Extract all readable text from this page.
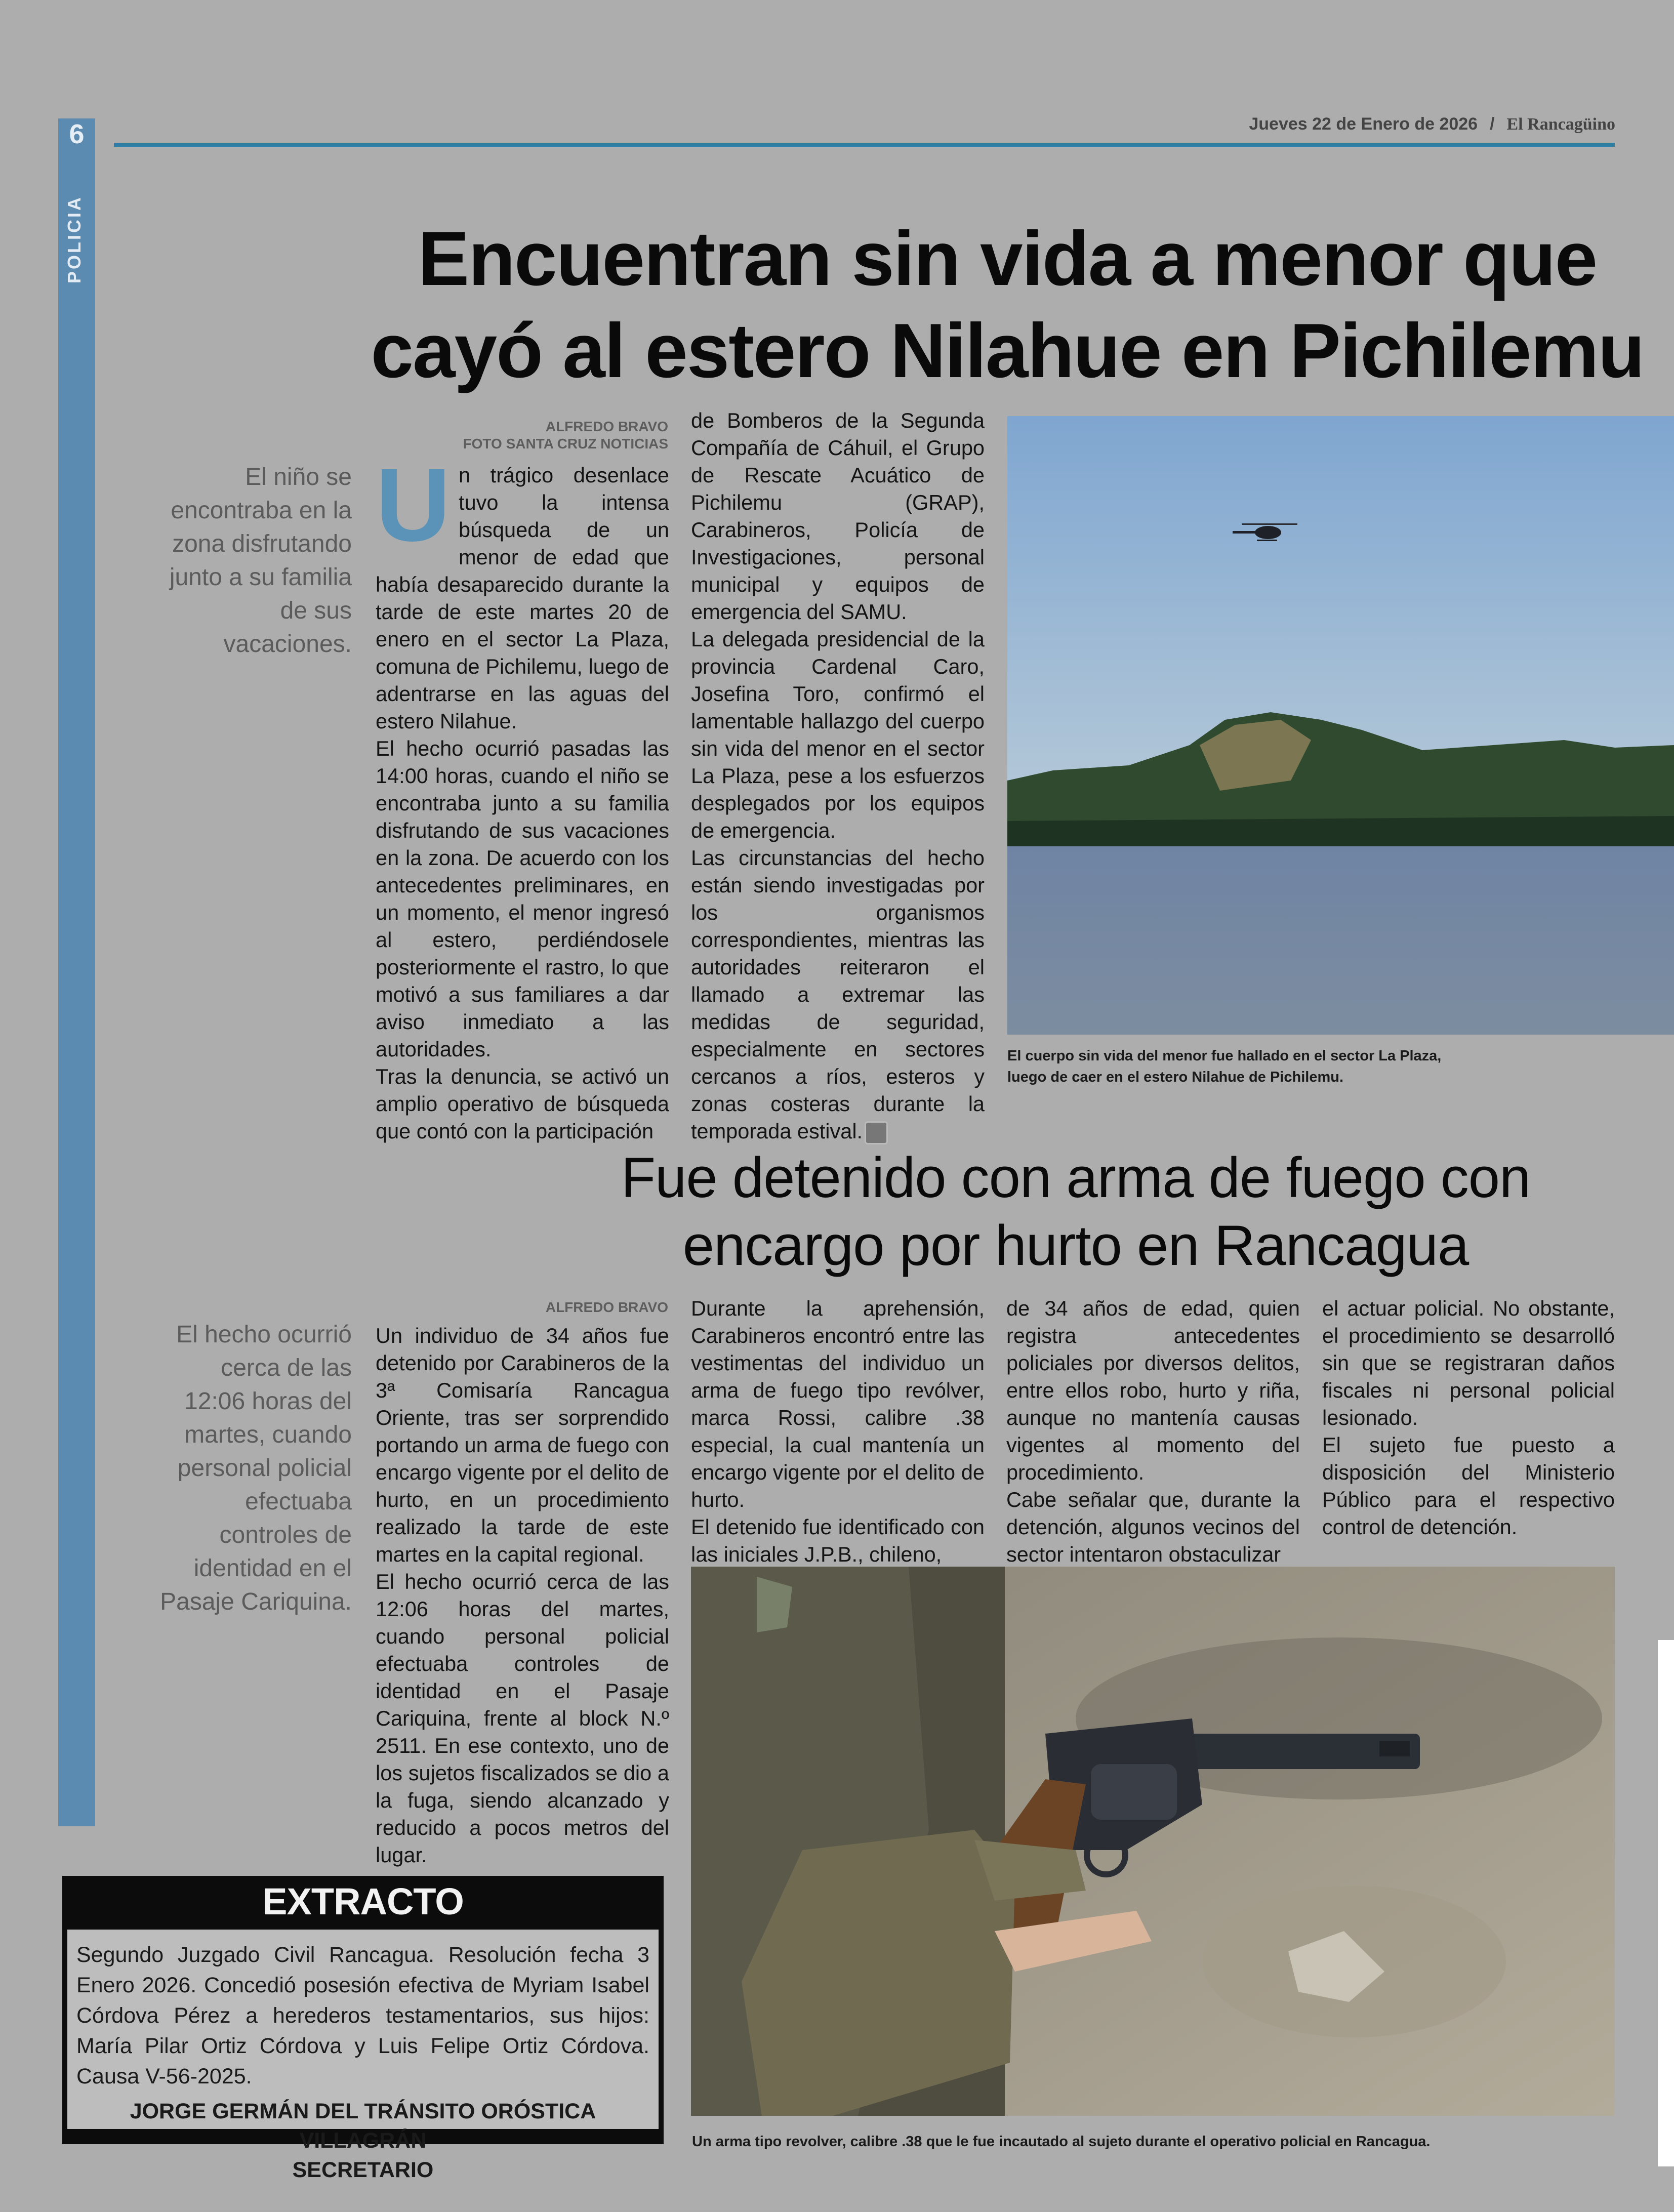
6
POLICIA
Jueves 22 de Enero de 2026 / El Rancagüino
Encuentran sin vida a menor que
cayó al estero Nilahue en Pichilemu
El niño se encontraba en la zona disfrutando junto a su familia de sus vacaciones.
ALFREDO BRAVO
FOTO SANTA CRUZ NOTICIAS
U n trágico desenlace tuvo la intensa búsqueda de un menor de edad que había desaparecido durante la tarde de este martes 20 de enero en el sector La Plaza, comuna de Pichilemu, luego de adentrarse en las aguas del estero Nilahue.

El hecho ocurrió pasadas las 14:00 horas, cuando el niño se encontraba junto a su familia disfrutando de sus vacaciones en la zona. De acuerdo con los antecedentes preliminares, en un momento, el menor ingresó al estero, perdiéndosele posteriormente el rastro, lo que motivó a sus familiares a dar aviso inmediato a las autoridades.

Tras la denuncia, se activó un amplio operativo de búsqueda que contó con la participación

de Bomberos de la Segunda Compañía de Cáhuil, el Grupo de Rescate Acuático de Pichilemu (GRAP), Carabineros, Policía de Investigaciones, personal municipal y equipos de emergencia del SAMU.

La delegada presidencial de la provincia Cardenal Caro, Josefina Toro, confirmó el lamentable hallazgo del cuerpo sin vida del menor en el sector La Plaza, pese a los esfuerzos desplegados por los equipos de emergencia.

Las circunstancias del hecho están siendo investigadas por los organismos correspondientes, mientras las autoridades reiteraron el llamado a extremar las medidas de seguridad, especialmente en sectores cercanos a ríos, esteros y zonas costeras durante la temporada estival.

El cuerpo sin vida del menor fue hallado en el sector La Plaza,
luego de caer en el estero Nilahue de Pichilemu.
Fue detenido con arma de fuego con
encargo por hurto en Rancagua
El hecho ocurrió cerca de las 12:06 horas del martes, cuando personal policial efectuaba controles de identidad en el Pasaje Cariquina.
ALFREDO BRAVO

Un individuo de 34 años fue detenido por Carabineros de la 3ª Comisaría Rancagua Oriente, tras ser sorprendido portando un arma de fuego con encargo vigente por el delito de hurto, en un procedimiento realizado la tarde de este martes en la capital regional.

El hecho ocurrió cerca de las 12:06 horas del martes, cuando personal policial efectuaba controles de identidad en el Pasaje Cariquina, frente al block N.º 2511. En ese contexto, uno de los sujetos fiscalizados se dio a la fuga, siendo alcanzado y reducido a pocos metros del lugar.

Durante la aprehensión, Carabineros encontró entre las vestimentas del individuo un arma de fuego tipo revólver, marca Rossi, calibre .38 especial, la cual mantenía un encargo vigente por el delito de hurto.

El detenido fue identificado con las iniciales J.P.B., chileno,

de 34 años de edad, quien registra antecedentes policiales por diversos delitos, entre ellos robo, hurto y riña, aunque no mantenía causas vigentes al momento del procedimiento.

Cabe señalar que, durante la detención, algunos vecinos del sector intentaron obstaculizar

el actuar policial. No obstante, el procedimiento se desarrolló sin que se registraran daños fiscales ni personal policial lesionado.

El sujeto fue puesto a disposición del Ministerio Público para el respectivo control de detención.

Un arma tipo revolver, calibre .38 que le fue incautado al sujeto durante el operativo policial en Rancagua.
EXTRACTO
Segundo Juzgado Civil Rancagua. Resolución fecha 3 Enero 2026. Concedió posesión efectiva de Myriam Isabel Córdova Pérez a herederos testamentarios, sus hijos: María Pilar Ortiz Córdova y Luis Felipe Ortiz Córdova. Causa V-56-2025.
JORGE GERMÁN DEL TRÁNSITO ORÓSTICA VILLAGRÁN
SECRETARIO
